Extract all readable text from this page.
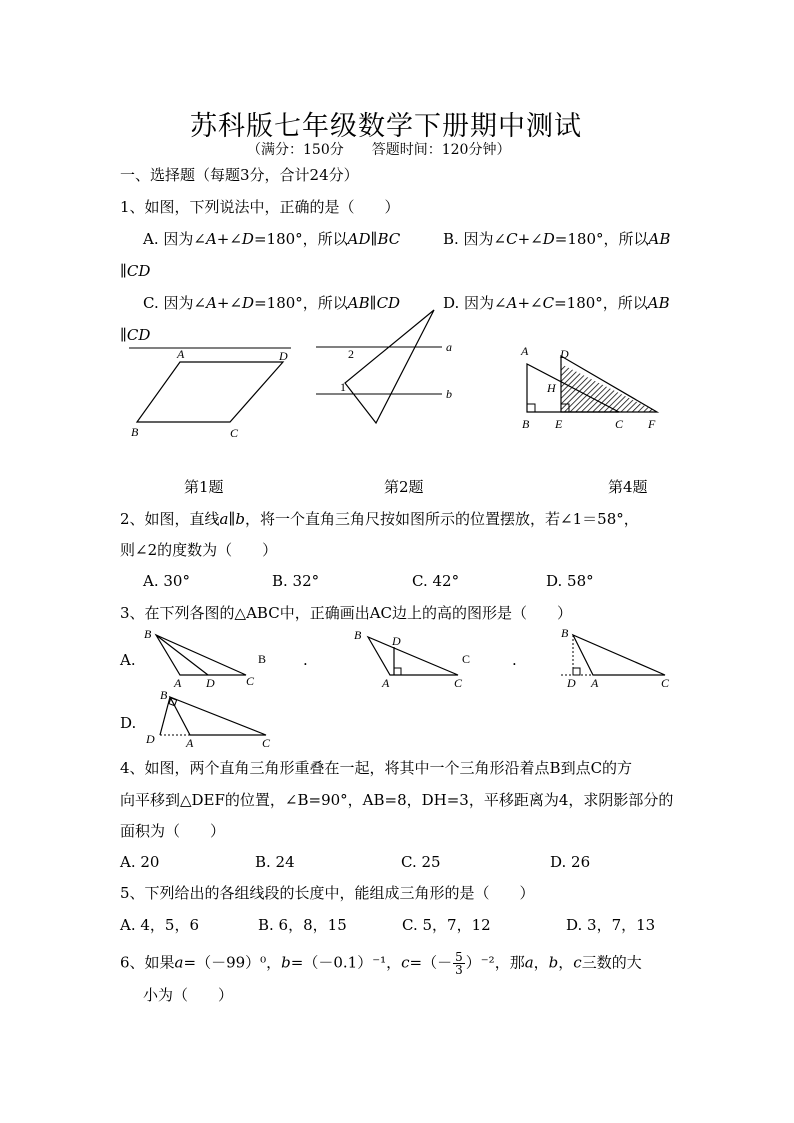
苏科版七年级数学下册期中测试
（满分：150分　　答题时间：120分钟）
一、选择题（每题3分，合计24分）
1、如图，下列说法中，正确的是（　　）
A. 因为∠A+∠D=180°，所以AD∥BC	B. 因为∠C+∠D=180°，所以AB
∥CD
C. 因为∠A+∠D=180°，所以AB∥CD	D. 因为∠A+∠C=180°，所以AB
∥CD
A	D
B	C
a
b
2
1
A	D
H
B E	C F
第1题	第2题	第4题
2、如图，直线a∥b，将一个直角三角尺按如图所示的位置摆放，若∠1＝58°，
则∠2的度数为（　　）
A. 30°	B. 32°	C. 42°	D. 58°
3、在下列各图的△ABC中，正确画出AC边上的高的图形是（　　）
A.
B
A D	C
B .
B	D
A	C
C	.
B
D A	C
D.
B
D	A	C
4、如图，两个直角三角形重叠在一起，将其中一个三角形沿着点B到点C的方
向平移到△DEF的位置，∠B=90°，AB=8，DH=3，平移距离为4，求阴影部分的
面积为（　　）
A. 20	B. 24	C. 25	D. 26
5、下列给出的各组线段的长度中，能组成三角形的是（　　）
A. 4，5，6	B. 6，8，15	C. 5，7，12	D. 3，7，13
6、如果a=（－99）⁰，b=（－0.1）⁻¹，$c=(- \frac{5}{3} )^{-2}$，那a，b，c三数的大
小为（　　）
